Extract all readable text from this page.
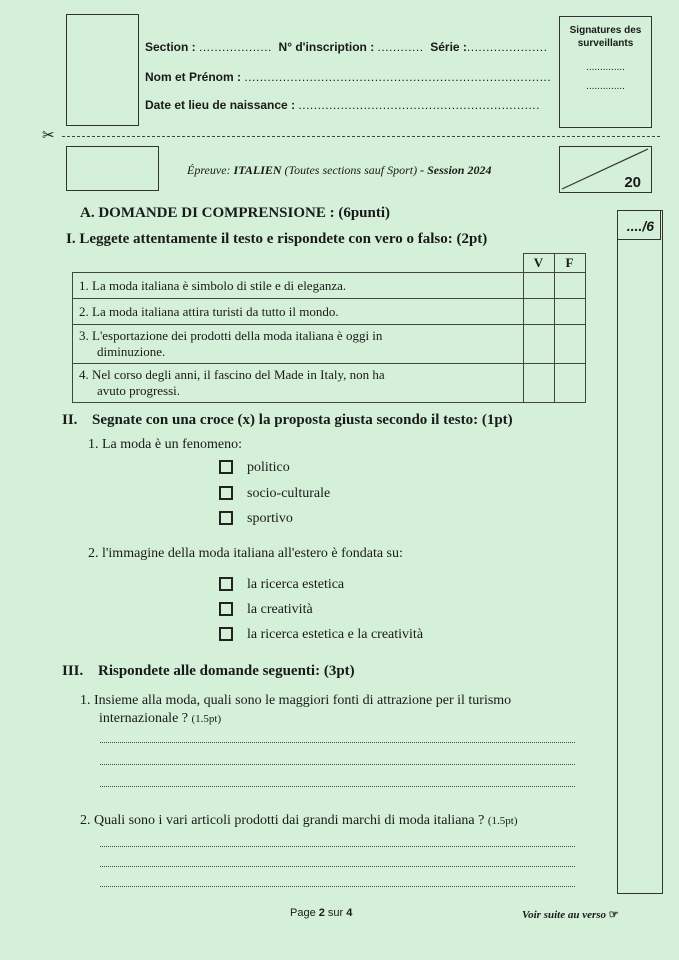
Section : ................... N° d'inscription : ............ Série :.....................
Nom et Prénom : ................................................................................
Date et lieu de naissance : ...............................................................
Signatures des surveillants
..............
..............
✂
Épreuve: ITALIEN (Toutes sections sauf Sport) - Session 2024
20
..../6
A. DOMANDE DI COMPRENSIONE : (6punti)
I. Leggete attentamente il testo e rispondete con vero o falso: (2pt)
	V	F
1. La moda italiana è simbolo di stile e di eleganza.		
2. La moda italiana attira turisti da tutto il mondo.		

3. L'esportazione dei prodotti della moda italiana è oggi in
diminuzione.		

4. Nel corso degli anni, il fascino del Made in Italy, non ha
avuto progressi.		

II. Segnate con una croce (x) la proposta giusta secondo il testo: (1pt)
1. La moda è un fenomeno:
politico
socio-culturale
sportivo
2. l'immagine della moda italiana all'estero è fondata su:
la ricerca estetica
la creatività
la ricerca estetica e la creatività
III. Rispondete alle domande seguenti: (3pt)
1. Insieme alla moda, quali sono le maggiori fonti di attrazione per il turismo
internazionale ? (1.5pt)
2. Quali sono i vari articoli prodotti dai grandi marchi di moda italiana ? (1.5pt)
Page 2 sur 4	Voir suite au verso ☞
